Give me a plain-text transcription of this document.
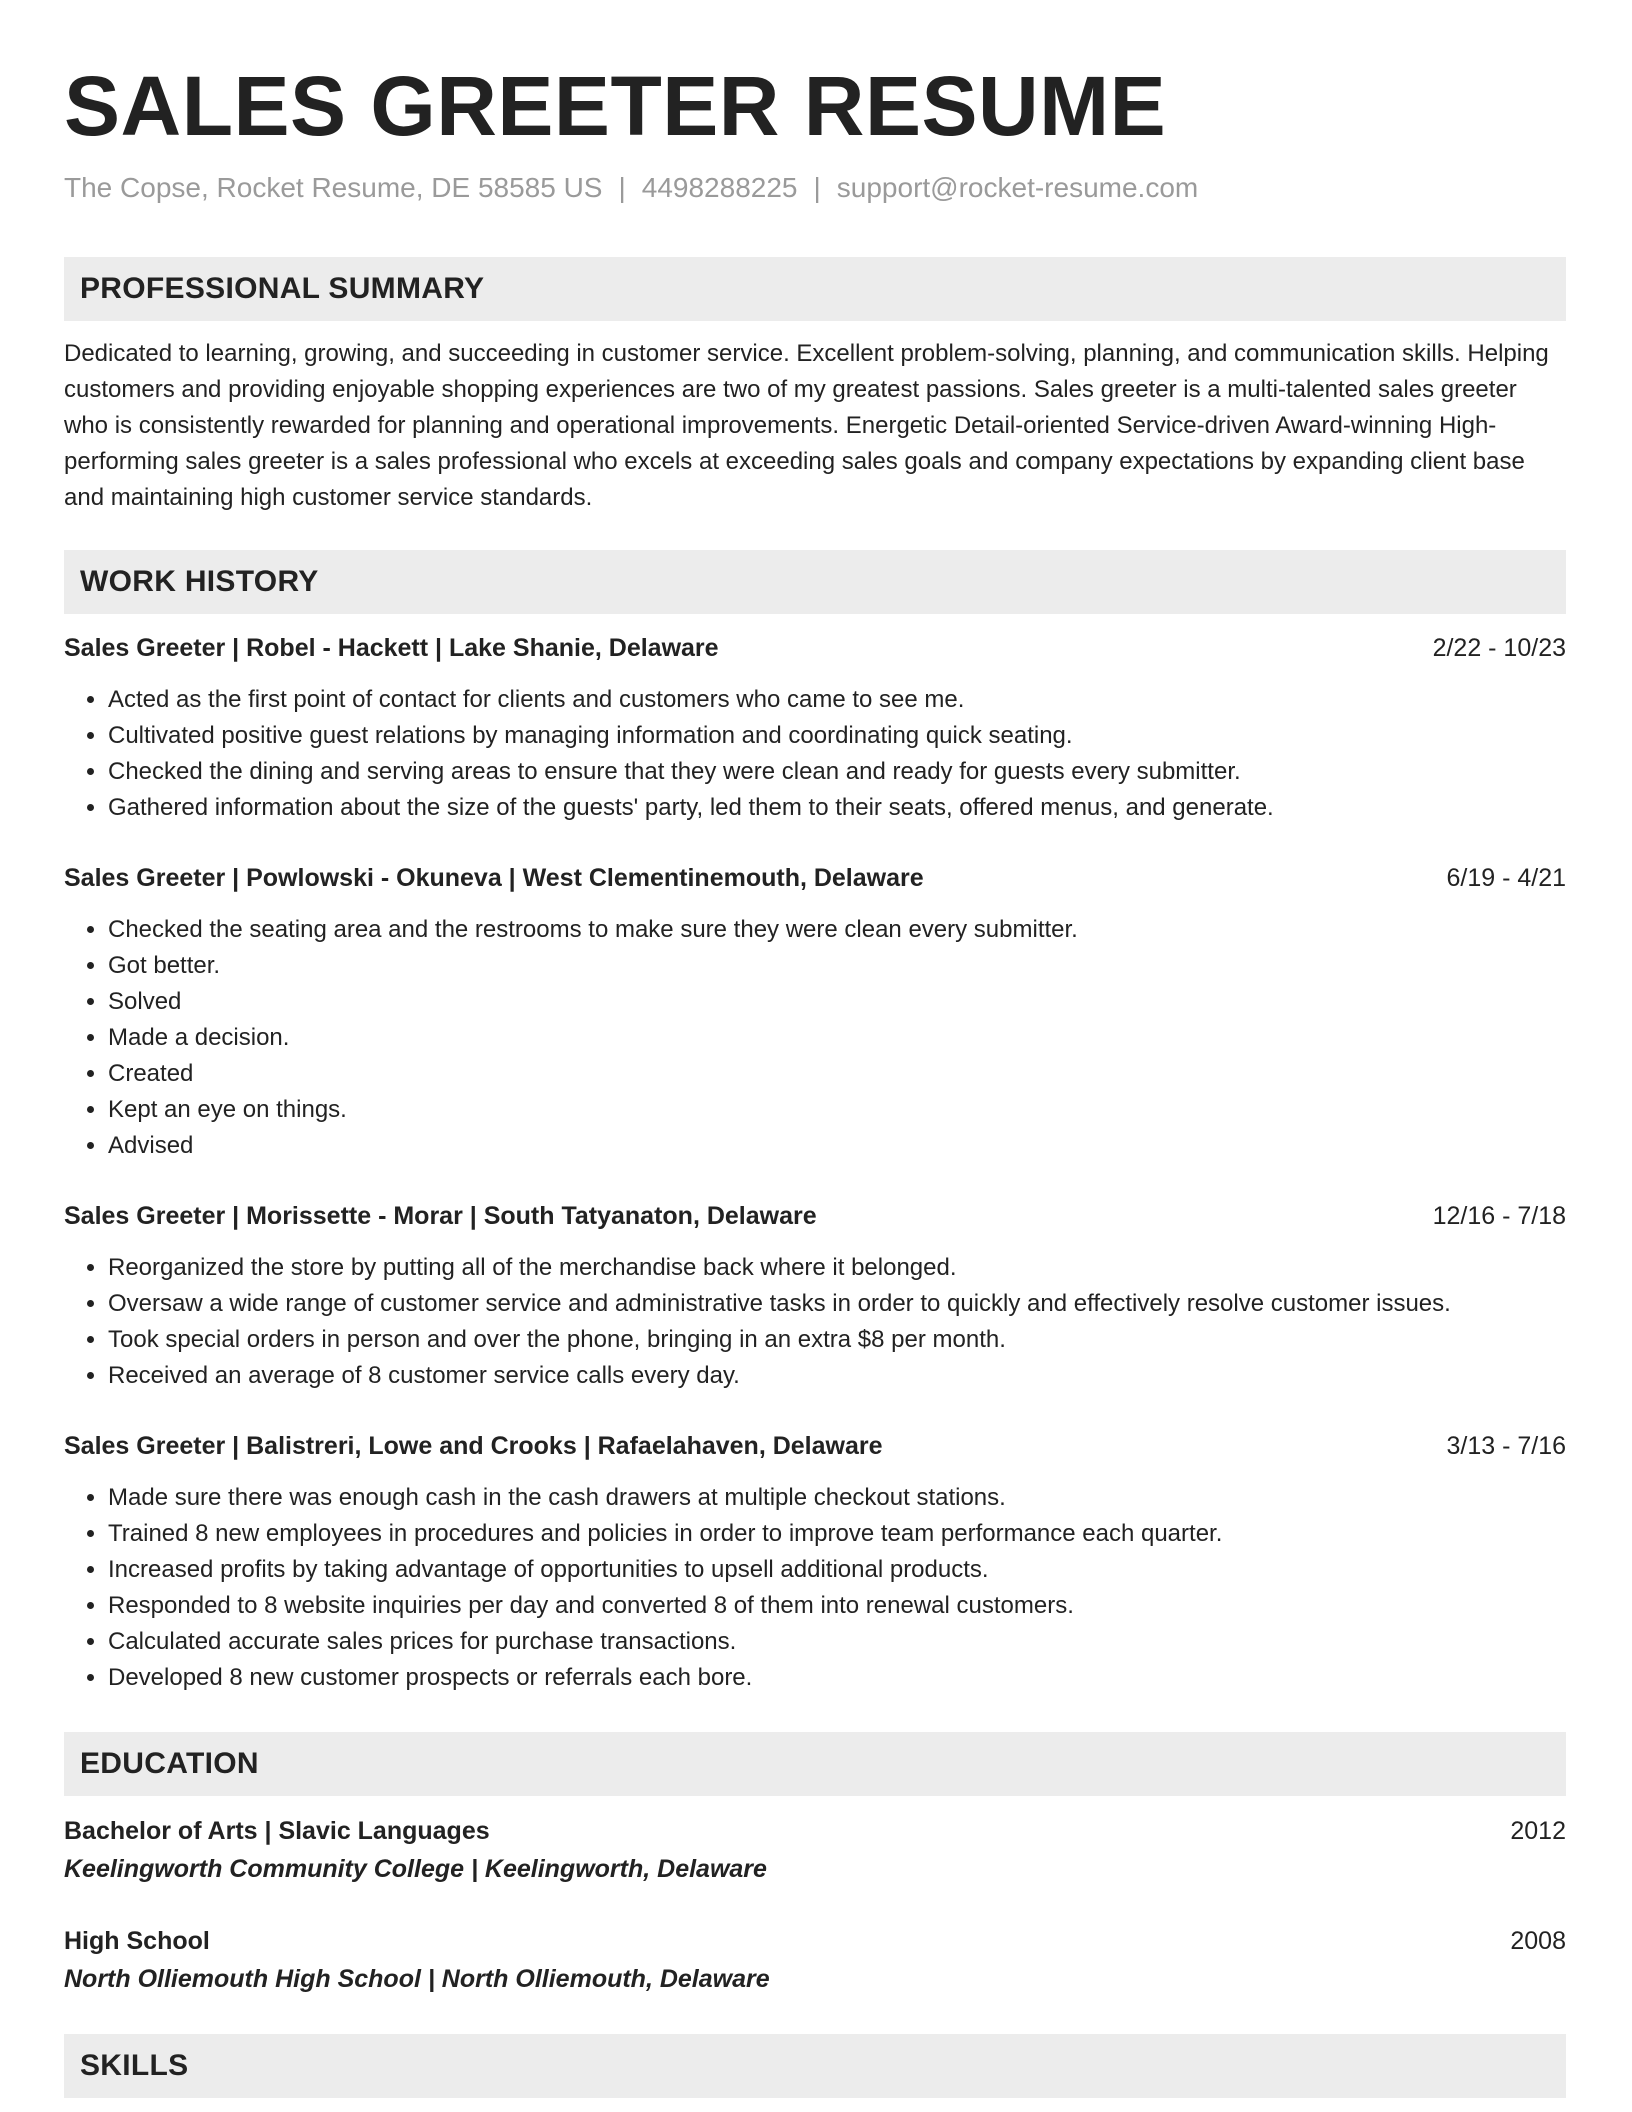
SALES GREETER RESUME
The Copse, Rocket Resume, DE 58585 US | 4498288225 | support@rocket-resume.com
PROFESSIONAL SUMMARY
Dedicated to learning, growing, and succeeding in customer service. Excellent problem-solving, planning, and communication skills. Helping customers and providing enjoyable shopping experiences are two of my greatest passions. Sales greeter is a multi-talented sales greeter who is consistently rewarded for planning and operational improvements. Energetic Detail-oriented Service-driven Award-winning High-performing sales greeter is a sales professional who excels at exceeding sales goals and company expectations by expanding client base and maintaining high customer service standards.
WORK HISTORY
Sales Greeter | Robel - Hackett | Lake Shanie, Delaware	2/22 - 10/23
• Acted as the first point of contact for clients and customers who came to see me.
• Cultivated positive guest relations by managing information and coordinating quick seating.
• Checked the dining and serving areas to ensure that they were clean and ready for guests every submitter.
• Gathered information about the size of the guests' party, led them to their seats, offered menus, and generate.
Sales Greeter | Powlowski - Okuneva | West Clementinemouth, Delaware	6/19 - 4/21
• Checked the seating area and the restrooms to make sure they were clean every submitter.
• Got better.
• Solved
• Made a decision.
• Created
• Kept an eye on things.
• Advised
Sales Greeter | Morissette - Morar | South Tatyanaton, Delaware	12/16 - 7/18
• Reorganized the store by putting all of the merchandise back where it belonged.
• Oversaw a wide range of customer service and administrative tasks in order to quickly and effectively resolve customer issues.
• Took special orders in person and over the phone, bringing in an extra $8 per month.
• Received an average of 8 customer service calls every day.
Sales Greeter | Balistreri, Lowe and Crooks | Rafaelahaven, Delaware	3/13 - 7/16
• Made sure there was enough cash in the cash drawers at multiple checkout stations.
• Trained 8 new employees in procedures and policies in order to improve team performance each quarter.
• Increased profits by taking advantage of opportunities to upsell additional products.
• Responded to 8 website inquiries per day and converted 8 of them into renewal customers.
• Calculated accurate sales prices for purchase transactions.
• Developed 8 new customer prospects or referrals each bore.
EDUCATION
Bachelor of Arts | Slavic Languages	2012
Keelingworth Community College | Keelingworth, Delaware
High School	2008
North Olliemouth High School | North Olliemouth, Delaware
SKILLS
